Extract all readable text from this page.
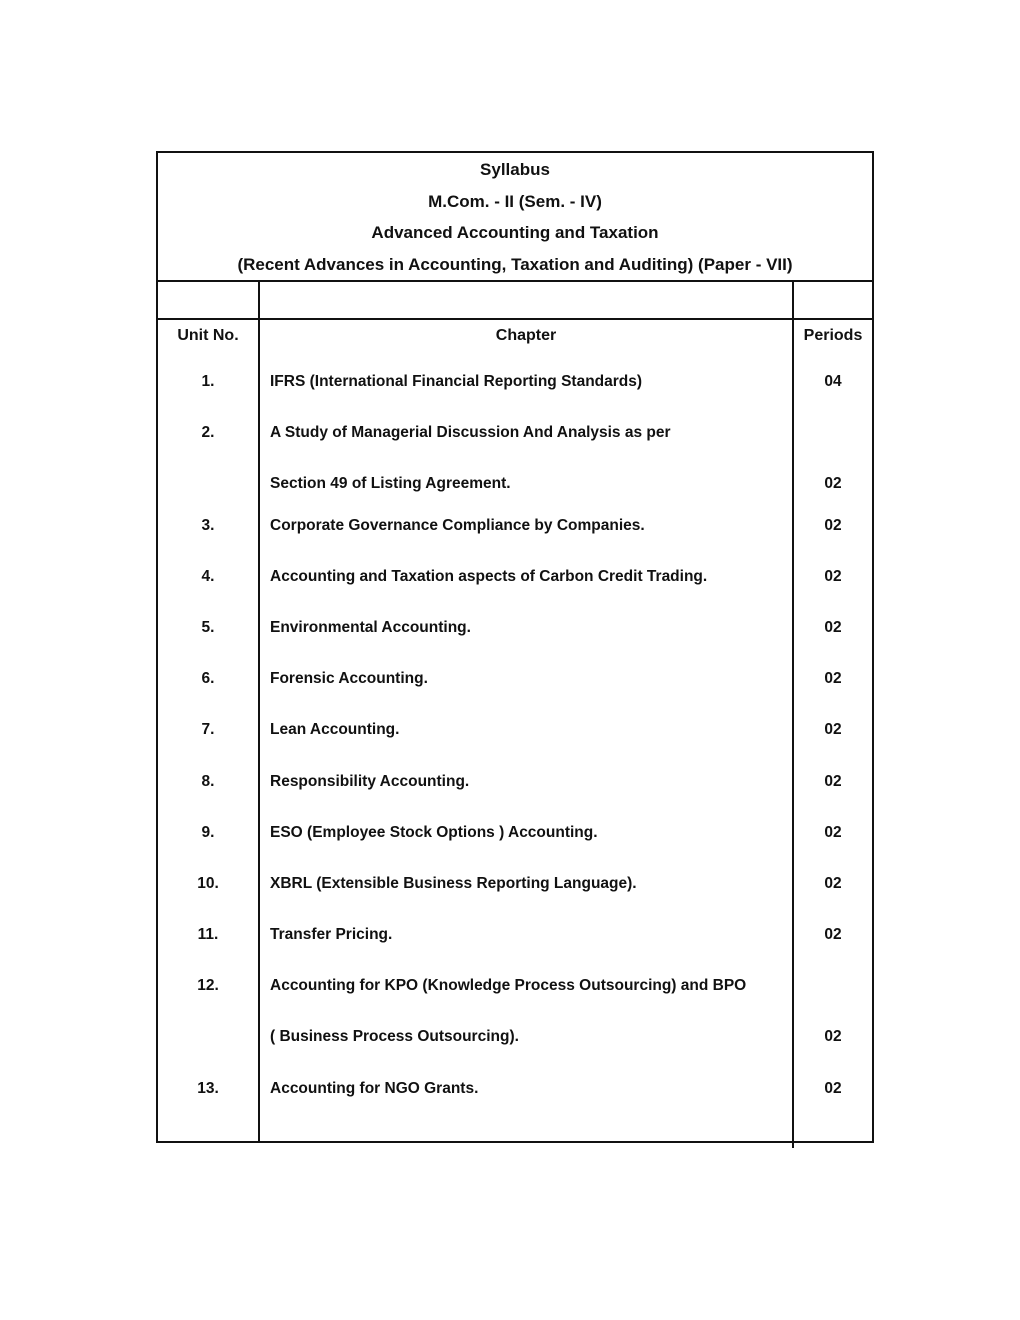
Syllabus
M.Com. - II (Sem. - IV)
Advanced Accounting and Taxation
(Recent Advances in Accounting, Taxation and Auditing) (Paper - VII)
Unit No.	Chapter	Periods
1.	IFRS (International Financial Reporting Standards)	04
2.	A Study of Managerial Discussion And Analysis as per
Section 49 of Listing Agreement.	02
3.	Corporate Governance Compliance by Companies.	02
4.	Accounting and Taxation aspects of Carbon Credit Trading.	02
5.	Environmental Accounting.	02
6.	Forensic Accounting.	02
7.	Lean Accounting.	02
8.	Responsibility Accounting.	02
9.	ESO (Employee Stock Options ) Accounting.	02
10.	XBRL (Extensible Business Reporting Language).	02
11.	Transfer Pricing.	02
12.	Accounting for KPO (Knowledge Process Outsourcing) and BPO
( Business Process Outsourcing).	02
13.	Accounting for NGO Grants.	02
